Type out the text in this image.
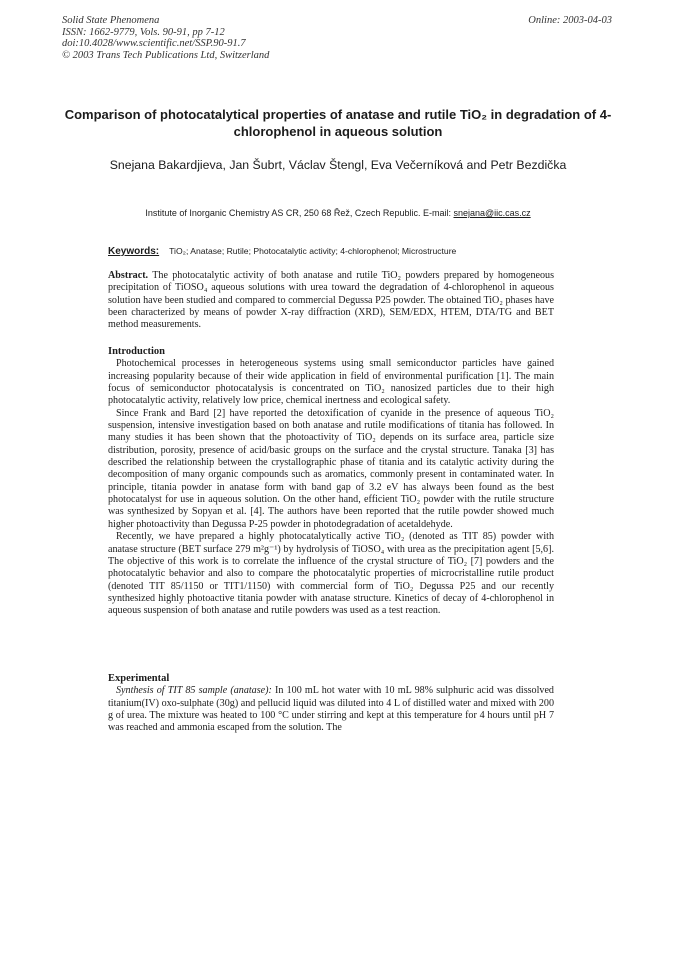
Solid State Phenomena
ISSN: 1662-9779, Vols. 90-91, pp 7-12
doi:10.4028/www.scientific.net/SSP.90-91.7
© 2003 Trans Tech Publications Ltd, Switzerland
Online: 2003-04-03
Comparison of photocatalytical properties of anatase and rutile TiO₂ in degradation of 4-chlorophenol in aqueous solution
Snejana Bakardjieva, Jan Šubrt, Václav Štengl, Eva Večerníková and Petr Bezdička
Institute of Inorganic Chemistry AS CR, 250 68 Řež, Czech Republic. E-mail: snejana@iic.cas.cz
Keywords: TiO₂; Anatase; Rutile; Photocatalytic activity; 4-chlorophenol; Microstructure

Abstract. The photocatalytic activity of both anatase and rutile TiO₂ powders prepared by homogeneous precipitation of TiOSO₄ aqueous solutions with urea toward the degradation of 4-chlorophenol in aqueous solution have been studied and compared to commercial Degussa P25 powder. The obtained TiO₂ phases have been characterized by means of powder X-ray diffraction (XRD), SEM/EDX, HTEM, DTA/TG and BET method measurements.

Introduction

Photochemical processes in heterogeneous systems using small semiconductor particles have gained increasing popularity because of their wide application in field of environmental purification [1]. The main focus of semiconductor photocatalysis is concentrated on TiO₂ nanosized particles due to their high photocatalytic activity, relatively low price, chemical inertness and ecological safety.

Since Frank and Bard [2] have reported the detoxification of cyanide in the presence of aqueous TiO₂ suspension, intensive investigation based on both anatase and rutile modifications of titania has followed. In many studies it has been shown that the photoactivity of TiO₂ depends on its surface area, particle size distribution, porosity, presence of acid/basic groups on the surface and the crystal structure. Tanaka [3] has described the relationship between the crystallographic phase of titania and its catalytic activity during the decomposition of many organic compounds such as aromatics, commonly present in contaminated water. In principle, titania powder in anatase form with band gap of 3.2 eV has always been found as the best photocatalyst for use in aqueous solution. On the other hand, efficient TiO₂ powder with the rutile structure was synthesized by Sopyan et al. [4]. The authors have been reported that the rutile powder showed much higher photoactivity than Degussa P-25 powder in photodegradation of acetaldehyde.

Recently, we have prepared a highly photocatalytically active TiO₂ (denoted as TIT 85) powder with anatase structure (BET surface 279 m²g⁻¹) by hydrolysis of TiOSO₄ with urea as the precipitation agent [5,6]. The objective of this work is to correlate the influence of the crystal structure of TiO₂ [7] powders and the photocatalytic behavior and also to compare the photocatalytic properties of microcristalline rutile product (denoted TIT 85/1150 or TIT1/1150) with commercial form of TiO₂ Degussa P25 and our recently synthesized highly photoactive titania powder with anatase structure. Kinetics of decay of 4-chlorophenol in aqueous suspension of both anatase and rutile powders was used as a test reaction.

Experimental

Synthesis of TIT 85 sample (anatase): In 100 mL hot water with 10 mL 98% sulphuric acid was dissolved titanium(IV) oxo-sulphate (30g) and pellucid liquid was diluted into 4 L of distilled water and mixed with 200 g of urea. The mixture was heated to 100 °C under stirring and kept at this temperature for 4 hours until pH 7 was reached and ammonia escaped from the solution. The
